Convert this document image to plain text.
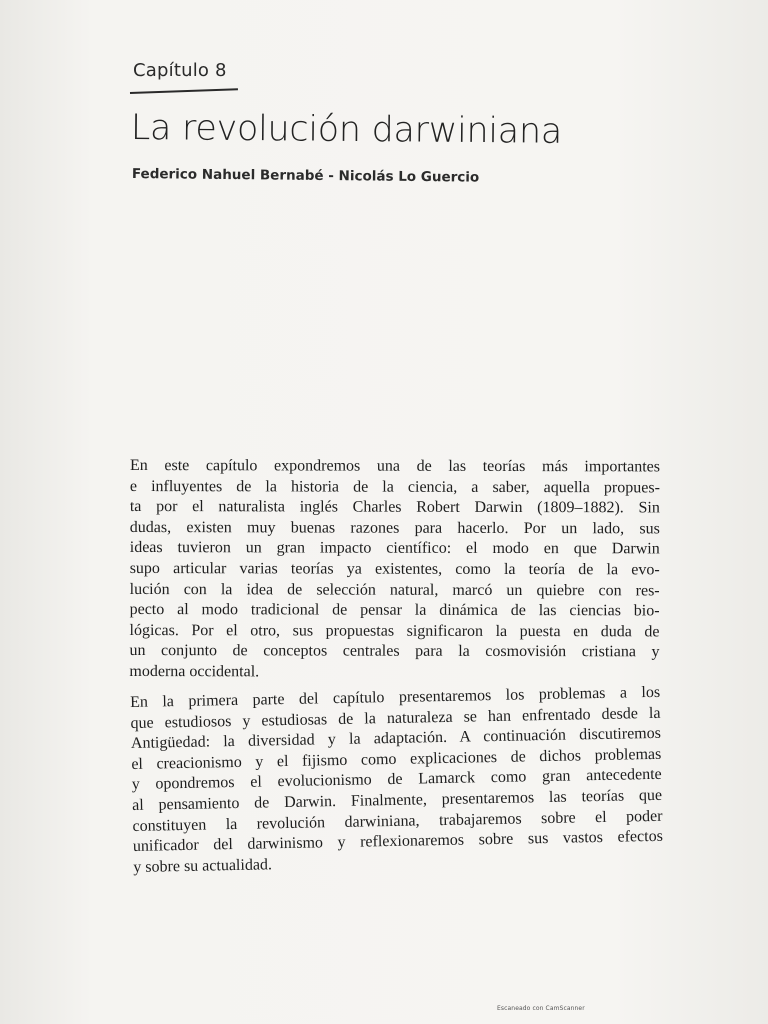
Capítulo 8
La revolución darwiniana
Federico Nahuel Bernabé - Nicolás Lo Guercio

En este capítulo expondremos una de las teorías más importantes
e influyentes de la historia de la ciencia, a saber, aquella propues-
ta por el naturalista inglés Charles Robert Darwin (1809–1882). Sin
dudas, existen muy buenas razones para hacerlo. Por un lado, sus
ideas tuvieron un gran impacto científico: el modo en que Darwin
supo articular varias teorías ya existentes, como la teoría de la evo-
lución con la idea de selección natural, marcó un quiebre con res-
pecto al modo tradicional de pensar la dinámica de las ciencias bio-
lógicas. Por el otro, sus propuestas significaron la puesta en duda de
un conjunto de conceptos centrales para la cosmovisión cristiana y
moderna occidental.

En la primera parte del capítulo presentaremos los problemas a los
que estudiosos y estudiosas de la naturaleza se han enfrentado desde la
Antigüedad: la diversidad y la adaptación. A continuación discutiremos
el creacionismo y el fijismo como explicaciones de dichos problemas
y opondremos el evolucionismo de Lamarck como gran antecedente
al pensamiento de Darwin. Finalmente, presentaremos las teorías que
constituyen la revolución darwiniana, trabajaremos sobre el poder
unificador del darwinismo y reflexionaremos sobre sus vastos efectos
y sobre su actualidad.

Escaneado con CamScanner
